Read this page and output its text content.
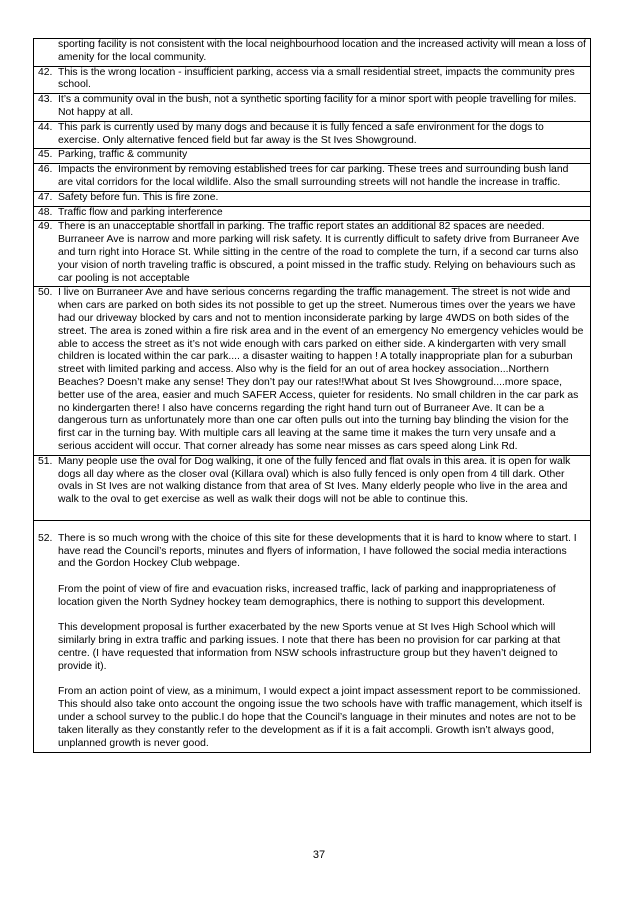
sporting facility is not consistent with the local neighbourhood location and the increased activity will mean a loss of amenity for the local community.
42. This is the wrong location - insufficient parking, access via a small residential street, impacts the community pres school.
43. It’s a community oval in the bush, not a synthetic sporting facility for a minor sport with people travelling for miles. Not happy at all.
44. This park is currently used by many dogs and because it is fully fenced a safe environment for the dogs to exercise. Only alternative fenced field but far away is the St Ives Showground.
45. Parking, traffic & community
46. Impacts the environment by removing established trees for car parking. These trees and surrounding bush land are vital corridors for the local wildlife. Also the small surrounding streets will not handle the increase in traffic.
47. Safety before fun. This is fire zone.
48. Traffic flow and parking interference
49. There is an unacceptable shortfall in parking. The traffic report states an additional 82 spaces are needed. Burraneer Ave is narrow and more parking will risk safety. It is currently difficult to safety drive from Burraneer Ave and turn right into Horace St. While sitting in the centre of the road to complete the turn, if a second car turns also your vision of north traveling traffic is obscured, a point missed in the traffic study. Relying on behaviours such as car pooling is not acceptable
50. I live on Burraneer Ave and have serious concerns regarding the traffic management. The street is not wide and when cars are parked on both sides its not possible to get up the street. Numerous times over the years we have had our driveway blocked by cars and not to mention inconsiderate parking by large 4WDS on both sides of the street. The area is zoned within a fire risk area and in the event of an emergency No emergency vehicles would be able to access the street as it’s not wide enough with cars parked on either side. A kindergarten with very small children is located within the car park.... a disaster waiting to happen ! A totally inappropriate plan for a suburban street with limited parking and access. Also why is the field for an out of area hockey association...Northern Beaches? Doesn’t make any sense! They don’t pay our rates!!What about St Ives Showground....more space, better use of the area, easier and much SAFER Access, quieter for residents. No small children in the car park as no kindergarten there! I also have concerns regarding the right hand turn out of Burraneer Ave. It can be a dangerous turn as unfortunately more than one car often pulls out into the turning bay blinding the vision for the first car in the turning bay. With multiple cars all leaving at the same time it makes the turn very unsafe and a serious accident will occur. That corner already has some near misses as cars speed along Link Rd.
51. Many people use the oval for Dog walking, it one of the fully fenced and flat ovals in this area. it is open for walk dogs all day where as the closer oval (Killara oval) which is also fully fenced is only open from 4 till dark. Other ovals in St Ives are not walking distance from that area of St Ives. Many elderly people who live in the area and walk to the oval to get exercise as well as walk their dogs will not be able to continue this.
52. There is so much wrong with the choice of this site for these developments that it is hard to know where to start. I have read the Council’s reports, minutes and flyers of information, I have followed the social media interactions and the Gordon Hockey Club webpage.
From the point of view of fire and evacuation risks, increased traffic, lack of parking and inappropriateness of location given the North Sydney hockey team demographics, there is nothing to support this development.
This development proposal is further exacerbated by the new Sports venue at St Ives High School which will similarly bring in extra traffic and parking issues. I note that there has been no provision for car parking at that centre. (I have requested that information from NSW schools infrastructure group but they haven’t deigned to provide it).
From an action point of view, as a minimum, I would expect a joint impact assessment report to be commissioned. This should also take onto account the ongoing issue the two schools have with traffic management, which itself is under a school survey to the public.I do hope that the Council’s language in their minutes and notes are not to be taken literally as they constantly refer to the development as if it is a fait accompli. Growth isn’t always good, unplanned growth is never good.
37
